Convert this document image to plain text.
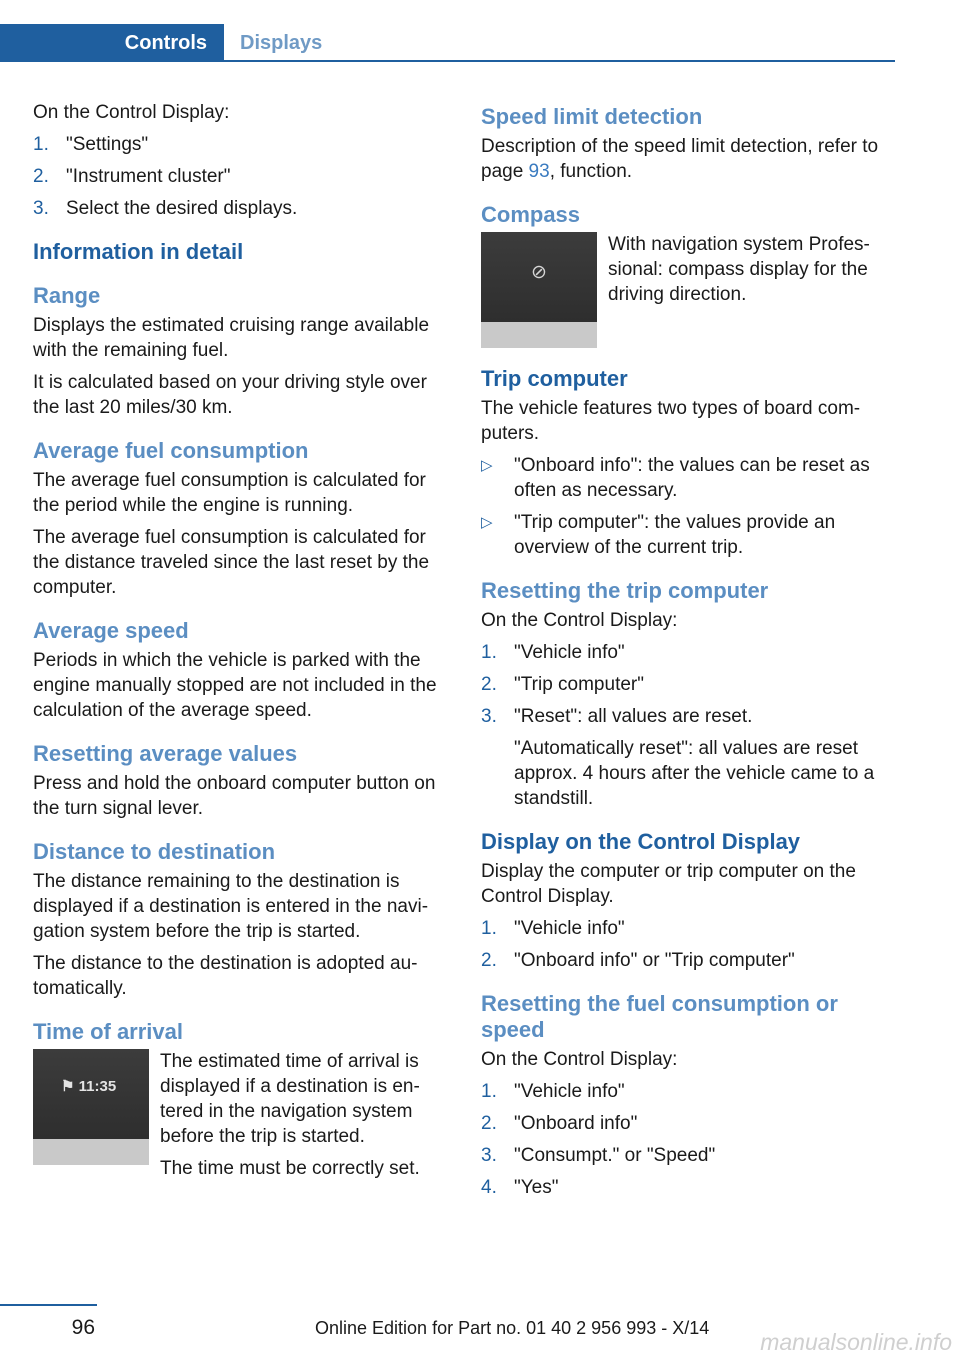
Controls	Displays

On the Control Display:

1. "Settings"
2. "Instrument cluster"
3. Select the desired displays.
Information in detail
Range

Displays the estimated cruising range available with the remaining fuel.

It is calculated based on your driving style over the last 20 miles/30 km.

Average fuel consumption

The average fuel consumption is calculated for the period while the engine is running.

The average fuel consumption is calculated for the distance traveled since the last reset by the computer.

Average speed

Periods in which the vehicle is parked with the engine manually stopped are not included in the calculation of the average speed.

Resetting average values

Press and hold the onboard computer button on the turn signal lever.

Distance to destination

The distance remaining to the destination is displayed if a destination is entered in the navi‐gation system before the trip is started.

The distance to the destination is adopted au‐tomatically.

Time of arrival
⚑ 11:35

The estimated time of arrival is displayed if a destination is en‐tered in the navigation system before the trip is started.

The time must be correctly set.

Speed limit detection

Description of the speed limit detection, refer to page 93, function.

Compass
⊘

With navigation system Profes‐sional: compass display for the driving direction.

Trip computer

The vehicle features two types of board com‐puters.

▷ "Onboard info": the values can be reset as often as necessary.
▷ "Trip computer": the values provide an overview of the current trip.
Resetting the trip computer

On the Control Display:

1. "Vehicle info"
2. "Trip computer"
3. "Reset": all values are reset.
"Automatically reset": all values are reset approx. 4 hours after the vehicle came to a standstill.
Display on the Control Display

Display the computer or trip computer on the Control Display.

1. "Vehicle info"
2. "Onboard info" or "Trip computer"
Resetting the fuel consumption or speed

On the Control Display:

1. "Vehicle info"
2. "Onboard info"
3. "Consumpt." or "Speed"
4. "Yes"
96	Online Edition for Part no. 01 40 2 956 993 - X/14
manualsonline.info
